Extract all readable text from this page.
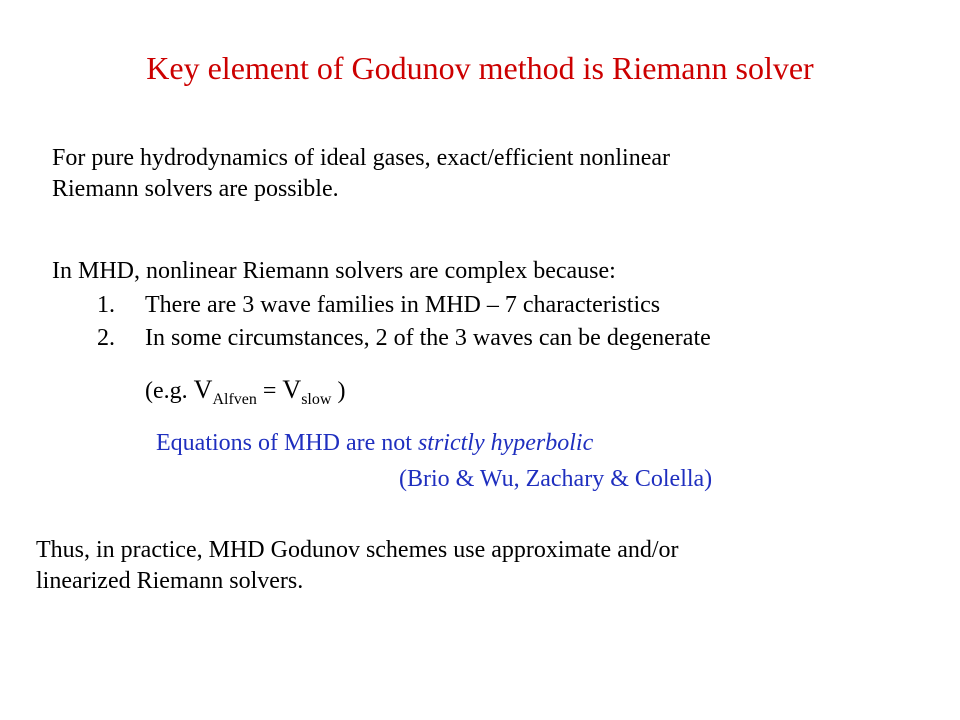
Key element of Godunov method is Riemann solver
For pure hydrodynamics of ideal gases, exact/efficient nonlinear
Riemann solvers are possible.
In MHD, nonlinear Riemann solvers are complex because:
1. There are 3 wave families in MHD – 7 characteristics
2. In some circumstances, 2 of the 3 waves can be degenerate
(e.g. $V_{Alfven} = V_{slow}$ )
Equations of MHD are not strictly hyperbolic
(Brio & Wu, Zachary & Colella)
Thus, in practice, MHD Godunov schemes use approximate and/or
linearized Riemann solvers.
